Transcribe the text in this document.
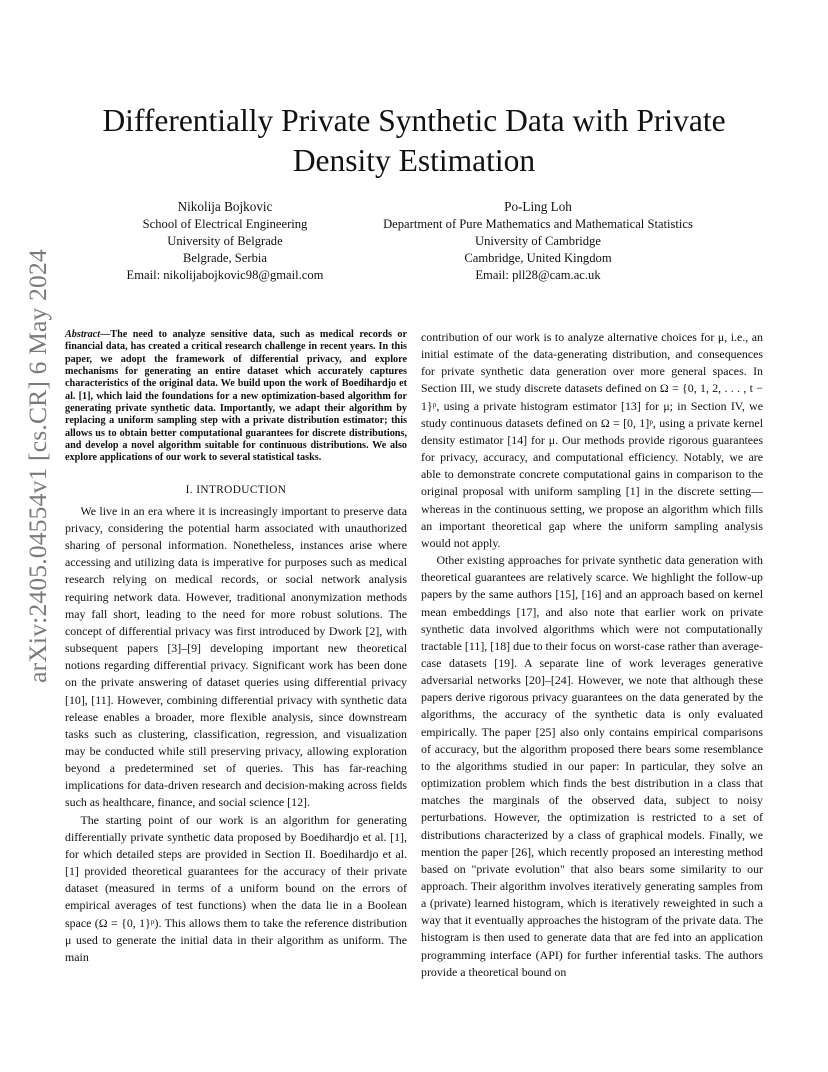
arXiv:2405.04554v1 [cs.CR] 6 May 2024
Differentially Private Synthetic Data with Private Density Estimation
Nikolija Bojkovic
School of Electrical Engineering
University of Belgrade
Belgrade, Serbia
Email: nikolijabojkovic98@gmail.com
Po-Ling Loh
Department of Pure Mathematics and Mathematical Statistics
University of Cambridge
Cambridge, United Kingdom
Email: pll28@cam.ac.uk

Abstract—The need to analyze sensitive data, such as medical records or financial data, has created a critical research challenge in recent years. In this paper, we adopt the framework of differential privacy, and explore mechanisms for generating an entire dataset which accurately captures characteristics of the original data. We build upon the work of Boedihardjo et al. [1], which laid the foundations for a new optimization-based algorithm for generating private synthetic data. Importantly, we adapt their algorithm by replacing a uniform sampling step with a private distribution estimator; this allows us to obtain better computational guarantees for discrete distributions, and develop a novel algorithm suitable for continuous distributions. We also explore applications of our work to several statistical tasks.

I. INTRODUCTION

We live in an era where it is increasingly important to preserve data privacy, considering the potential harm associated with unauthorized sharing of personal information. Nonetheless, instances arise where accessing and utilizing data is imperative for purposes such as medical research relying on medical records, or social network analysis requiring network data. However, traditional anonymization methods may fall short, leading to the need for more robust solutions. The concept of differential privacy was first introduced by Dwork [2], with subsequent papers [3]–[9] developing important new theoretical notions regarding differential privacy. Significant work has been done on the private answering of dataset queries using differential privacy [10], [11]. However, combining differential privacy with synthetic data release enables a broader, more flexible analysis, since downstream tasks such as clustering, classification, regression, and visualization may be conducted while still preserving privacy, allowing exploration beyond a predetermined set of queries. This has far-reaching implications for data-driven research and decision-making across fields such as healthcare, finance, and social science [12].

The starting point of our work is an algorithm for generating differentially private synthetic data proposed by Boedihardjo et al. [1], for which detailed steps are provided in Section II. Boedihardjo et al. [1] provided theoretical guarantees for the accuracy of their private dataset (measured in terms of a uniform bound on the errors of empirical averages of test functions) when the data lie in a Boolean space (Ω = {0, 1}ᵖ). This allows them to take the reference distribution μ used to generate the initial data in their algorithm as uniform. The main

contribution of our work is to analyze alternative choices for μ, i.e., an initial estimate of the data-generating distribution, and consequences for private synthetic data generation over more general spaces. In Section III, we study discrete datasets defined on Ω = {0, 1, 2, . . . , t − 1}ᵖ, using a private histogram estimator [13] for μ; in Section IV, we study continuous datasets defined on Ω = [0, 1]ᵖ, using a private kernel density estimator [14] for μ. Our methods provide rigorous guarantees for privacy, accuracy, and computational efficiency. Notably, we are able to demonstrate concrete computational gains in comparison to the original proposal with uniform sampling [1] in the discrete setting—whereas in the continuous setting, we propose an algorithm which fills an important theoretical gap where the uniform sampling analysis would not apply.

Other existing approaches for private synthetic data generation with theoretical guarantees are relatively scarce. We highlight the follow-up papers by the same authors [15], [16] and an approach based on kernel mean embeddings [17], and also note that earlier work on private synthetic data involved algorithms which were not computationally tractable [11], [18] due to their focus on worst-case rather than average-case datasets [19]. A separate line of work leverages generative adversarial networks [20]–[24]. However, we note that although these papers derive rigorous privacy guarantees on the data generated by the algorithms, the accuracy of the synthetic data is only evaluated empirically. The paper [25] also only contains empirical comparisons of accuracy, but the algorithm proposed there bears some resemblance to the algorithms studied in our paper: In particular, they solve an optimization problem which finds the best distribution in a class that matches the marginals of the observed data, subject to noisy perturbations. However, the optimization is restricted to a set of distributions characterized by a class of graphical models. Finally, we mention the paper [26], which recently proposed an interesting method based on "private evolution" that also bears some similarity to our approach. Their algorithm involves iteratively generating samples from a (private) learned histogram, which is iteratively reweighted in such a way that it eventually approaches the histogram of the private data. The histogram is then used to generate data that are fed into an application programming interface (API) for further inferential tasks. The authors provide a theoretical bound on
